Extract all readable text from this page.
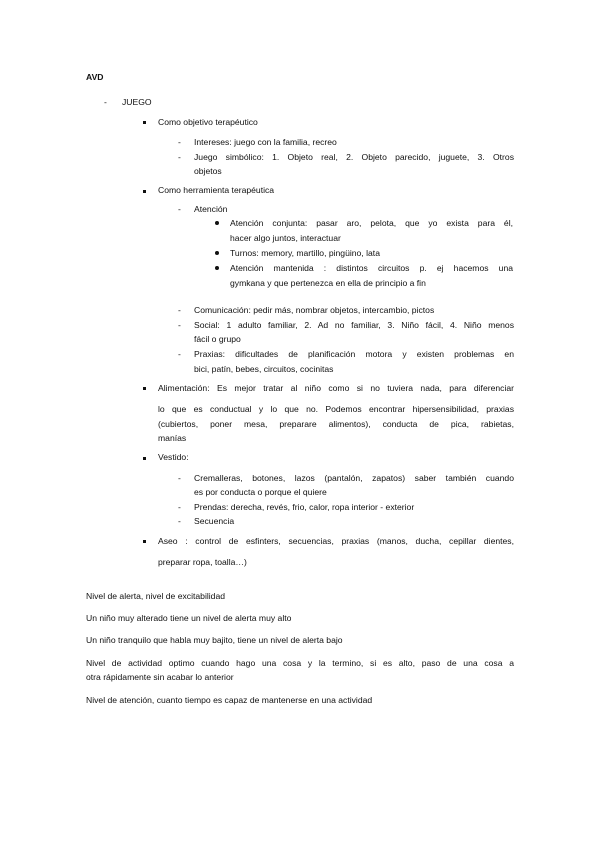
AVD
- JUEGO
Como objetivo terapéutico
- Intereses: juego con la familia, recreo
- Juego simbólico: 1. Objeto real, 2. Objeto parecido, juguete, 3. Otros
objetos
Como herramienta terapéutica
- Atención
Atención conjunta: pasar aro, pelota, que yo exista para él,
hacer algo juntos, interactuar
Turnos: memory, martillo, pingüino, lata
Atención mantenida : distintos circuitos p. ej hacemos una
gymkana y que pertenezca en ella de principio a fin
- Comunicación: pedir más, nombrar objetos, intercambio, pictos
- Social: 1 adulto familiar, 2. Ad no familiar, 3. Niño fácil, 4. Niño menos
fácil o grupo
- Praxias: dificultades de planificación motora y existen problemas en
bici, patín, bebes, circuitos, cocinitas
Alimentación: Es mejor tratar al niño como si no tuviera nada, para diferenciar
lo que es conductual y lo que no. Podemos encontrar hipersensibilidad, praxias
(cubiertos, poner mesa, preparare alimentos), conducta de pica, rabietas,
manías
Vestido:
- Cremalleras, botones, lazos (pantalón, zapatos) saber también cuando
es por conducta o porque el quiere
- Prendas: derecha, revés, frio, calor, ropa interior - exterior
- Secuencia
Aseo : control de esfinters, secuencias, praxias (manos, ducha, cepillar dientes,
preparar ropa, toalla…)
Nivel de alerta, nivel de excitabilidad
Un niño muy alterado tiene un nivel de alerta muy alto
Un niño tranquilo que habla muy bajito, tiene un nivel de alerta bajo
Nivel de actividad optimo cuando hago una cosa y la termino, si es alto, paso de una cosa a
otra rápidamente sin acabar lo anterior
Nivel de atención, cuanto tiempo es capaz de mantenerse en una actividad
